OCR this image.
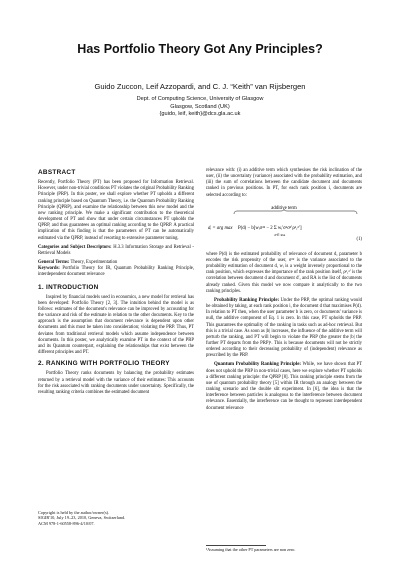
Has Portfolio Theory Got Any Principles?
Guido Zuccon, Leif Azzopardi, and C. J. “Keith” van Rijsbergen
Dept. of Computing Science, University of Glasgow
Glasgow, Scotland (UK)
{guido, leif, keith}@dcs.gla.ac.uk
ABSTRACT

Recently, Portfolio Theory (PT) has been proposed for Information Retrieval. However, under non-trivial conditions PT violates the original Probability Ranking Principle (PRP). In this poster, we shall explore whether PT upholds a different ranking principle based on Quantum Theory, i.e. the Quantum Probability Ranking Principle (QPRP), and examine the relationship between this new model and the new ranking principle. We make a significant contribution to the theoretical development of PT and show that under certain circumstances PT upholds the QPRP, and thus guarantees an optimal ranking according to the QPRP. A practical implication of this finding is that the parameters of PT can be automatically estimated via the QPRP, instead of resorting to extensive parameter tuning.

Categories and Subject Descriptors: H.3.3 Information Storage and Retrieval - Retrieval Models

General Terms: Theory, Experimentation

Keywords: Portfolio Theory for IR, Quantum Probability Ranking Principle, interdependent document relevance

1. INTRODUCTION

Inspired by financial models used in economics, a new model for retrieval has been developed: Portfolio Theory [2, 3]. The intuition behind the model is as follows: estimates of the document's relevance can be improved by accounting for the variance and risk of the estimate in relation to the other documents. Key to the approach is the assumption that document relevance is dependent upon other documents and this must be taken into consideration; violating the PRP. Thus, PT deviates from traditional retrieval models which assume independence between documents. In this poster, we analytically examine PT in the context of the PRP and its Quantum counterpart, explaining the relationships that exist between the different principles and PT.

2. RANKING WITH PORTFOLIO THEORY

Portfolio Theory ranks documents by balancing the probability estimates returned by a retrieval model with the variance of their estimates: This accounts for the risk associated with ranking documents under uncertainty. Specifically, the resulting ranking criteria combines the estimated document

Copyright is held by the author/owner(s).
SIGIR'10, July 19–23, 2010, Geneva, Switzerland.
ACM 978-1-60558-896-4/10/07.

relevance with: (i) an additive term which synthesises the risk inclination of the user, (ii) the uncertainty (variance) associated with the probability estimation, and (iii) the sum of correlations between the candidate document and documents ranked in previous positions. In PT, for each rank position i, documents are selected according to:

additive term
dᵢ = arg max P(d) − b[wᵢσᵈ² − 2 Σ wᵢ′σᵈσᵈ′ρᵈ,ᵈ′]
d′∈ RA
(1)

where P(d) is the estimated probability of relevance of document d, parameter b encodes the risk propensity of the user, σᵈ² is the variance associated to the probability estimation of document d, wᵢ is a weight inversely proportional to the rank position, which expresses the importance of the rank position itself, ρᵈ,ᵈ′ is the correlation between document d and document d′, and RA is the list of documents already ranked. Given this model we now compare it analytically to the two ranking principles.

Probability Ranking Principle: Under the PRP, the optimal ranking would be obtained by taking, at each rank position i, the document d that maximises P(d). In relation to PT then, when the user parameter b is zero, or documents' variance is null, the additive component of Eq. 1 is zero. In this case, PT upholds the PRP. This guarantees the optimality of the ranking in tasks such as ad-hoc retrieval. But this is a trivial case. As soon as |b| increases, the influence of the additive term will perturb the ranking, and PT will begin to violate the PRP (the greater the |b| the further PT departs from the PRP)¹. This is because documents will not be strictly ordered according to their decreasing probability of (independent) relevance as prescribed by the PRP.

Quantum Probability Ranking Principle: While, we have shown that PT does not uphold the PRP in non-trivial cases, here we explore whether PT upholds a different ranking principle: the QPRP [8]. This ranking principle stems from the use of quantum probability theory [5] within IR through an analogy between the ranking scenario and the double slit experiment. In [6], the idea is that the interference between particles is analogous to the interference between document relevance. Essentially, the interference can be thought to represent interdependent document relevance

¹Assuming that the other PT parameters are non zero.
